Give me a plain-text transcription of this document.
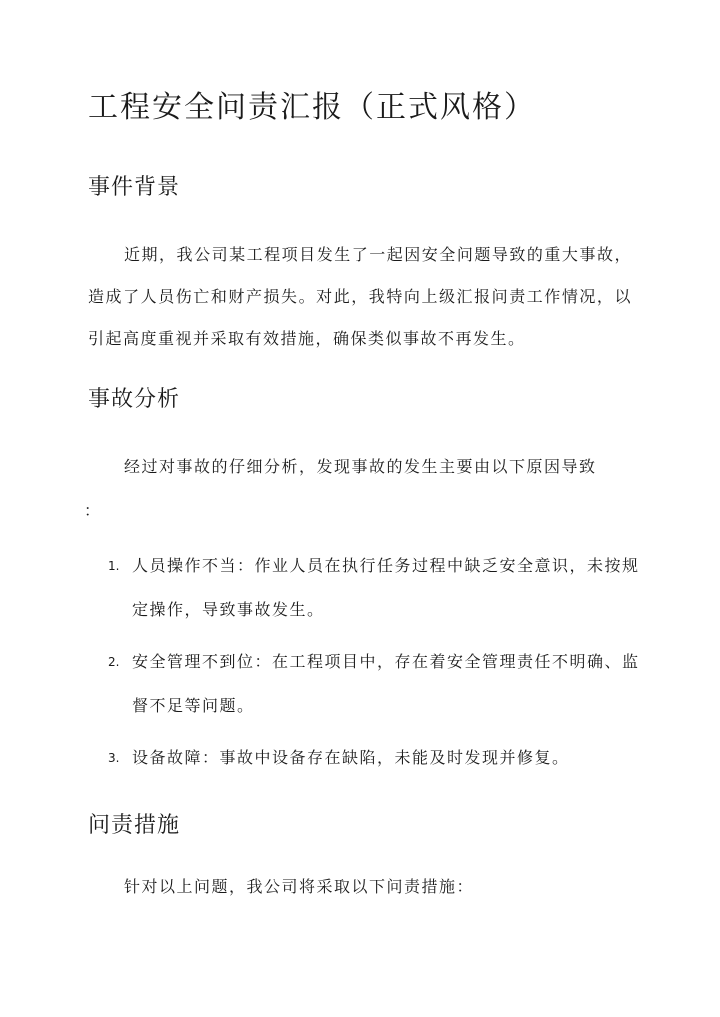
工程安全问责汇报（正式风格）
事件背景

近期，我公司某工程项目发生了一起因安全问题导致的重大事故，造成了人员伤亡和财产损失。对此，我特向上级汇报问责工作情况，以引起高度重视并采取有效措施，确保类似事故不再发生。

事故分析

经过对事故的仔细分析，发现事故的发生主要由以下原因导致

：

1. 人员操作不当：作业人员在执行任务过程中缺乏安全意识，未按规定操作，导致事故发生。
2. 安全管理不到位：在工程项目中，存在着安全管理责任不明确、监督不足等问题。
3. 设备故障：事故中设备存在缺陷，未能及时发现并修复。
问责措施

针对以上问题，我公司将采取以下问责措施：
